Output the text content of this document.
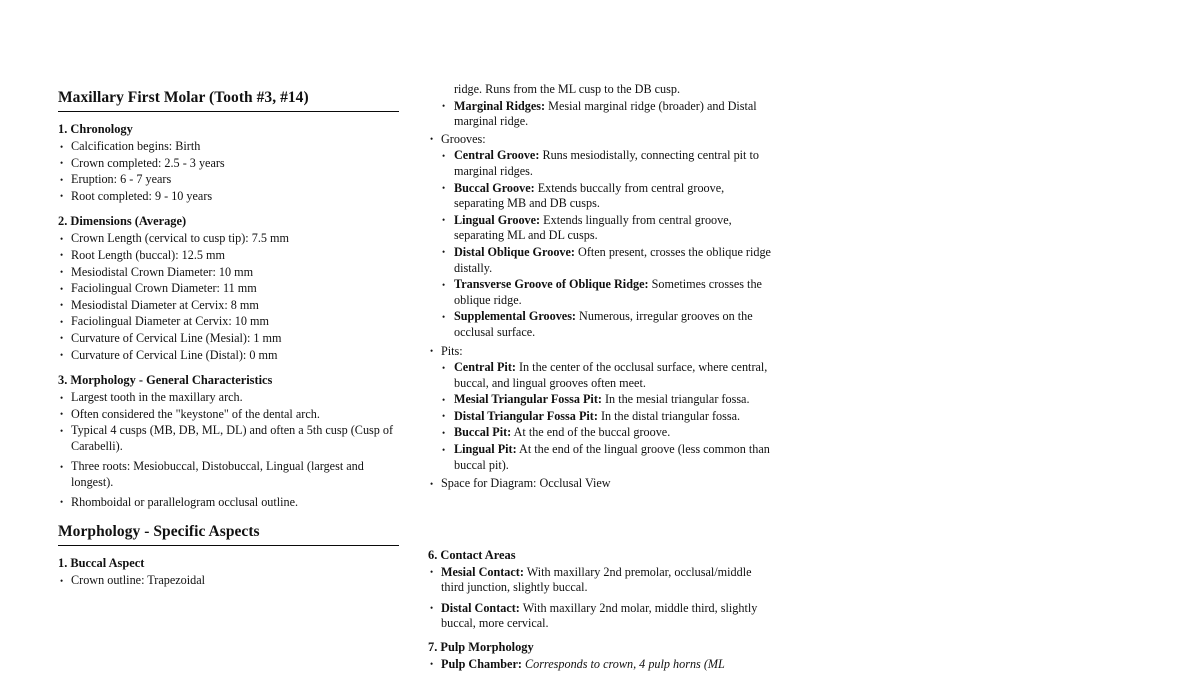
Maxillary First Molar (Tooth #3, #14)
1. Chronology
• Calcification begins: Birth
• Crown completed: 2.5 - 3 years
• Eruption: 6 - 7 years
• Root completed: 9 - 10 years
2. Dimensions (Average)
• Crown Length (cervical to cusp tip): 7.5 mm
• Root Length (buccal): 12.5 mm
• Mesiodistal Crown Diameter: 10 mm
• Faciolingual Crown Diameter: 11 mm
• Mesiodistal Diameter at Cervix: 8 mm
• Faciolingual Diameter at Cervix: 10 mm
• Curvature of Cervical Line (Mesial): 1 mm
• Curvature of Cervical Line (Distal): 0 mm
3. Morphology - General Characteristics
• Largest tooth in the maxillary arch.
• Often considered the "keystone" of the dental arch.
• Typical 4 cusps (MB, DB, ML, DL) and often a 5th cusp (Cusp of Carabelli).
• Three roots: Mesiobuccal, Distobuccal, Lingual (largest and longest).
• Rhomboidal or parallelogram occlusal outline.
Morphology - Specific Aspects
1. Buccal Aspect
• Crown outline: Trapezoidal
ridge. Runs from the ML cusp to the DB cusp.
• Marginal Ridges: Mesial marginal ridge (broader) and Distal marginal ridge.
• Grooves:
• Central Groove: Runs mesiodistally, connecting central pit to marginal ridges.
• Buccal Groove: Extends buccally from central groove, separating MB and DB cusps.
• Lingual Groove: Extends lingually from central groove, separating ML and DL cusps.
• Distal Oblique Groove: Often present, crosses the oblique ridge distally.
• Transverse Groove of Oblique Ridge: Sometimes crosses the oblique ridge.
• Supplemental Grooves: Numerous, irregular grooves on the occlusal surface.
• Pits:
• Central Pit: In the center of the occlusal surface, where central, buccal, and lingual grooves often meet.
• Mesial Triangular Fossa Pit: In the mesial triangular fossa.
• Distal Triangular Fossa Pit: In the distal triangular fossa.
• Buccal Pit: At the end of the buccal groove.
• Lingual Pit: At the end of the lingual groove (less common than buccal pit).
• Space for Diagram: Occlusal View
6. Contact Areas
• Mesial Contact: With maxillary 2nd premolar, occlusal/middle third junction, slightly buccal.
• Distal Contact: With maxillary 2nd molar, middle third, slightly buccal, more cervical.
7. Pulp Morphology
• Pulp Chamber: Corresponds to crown, 4 pulp horns (ML
